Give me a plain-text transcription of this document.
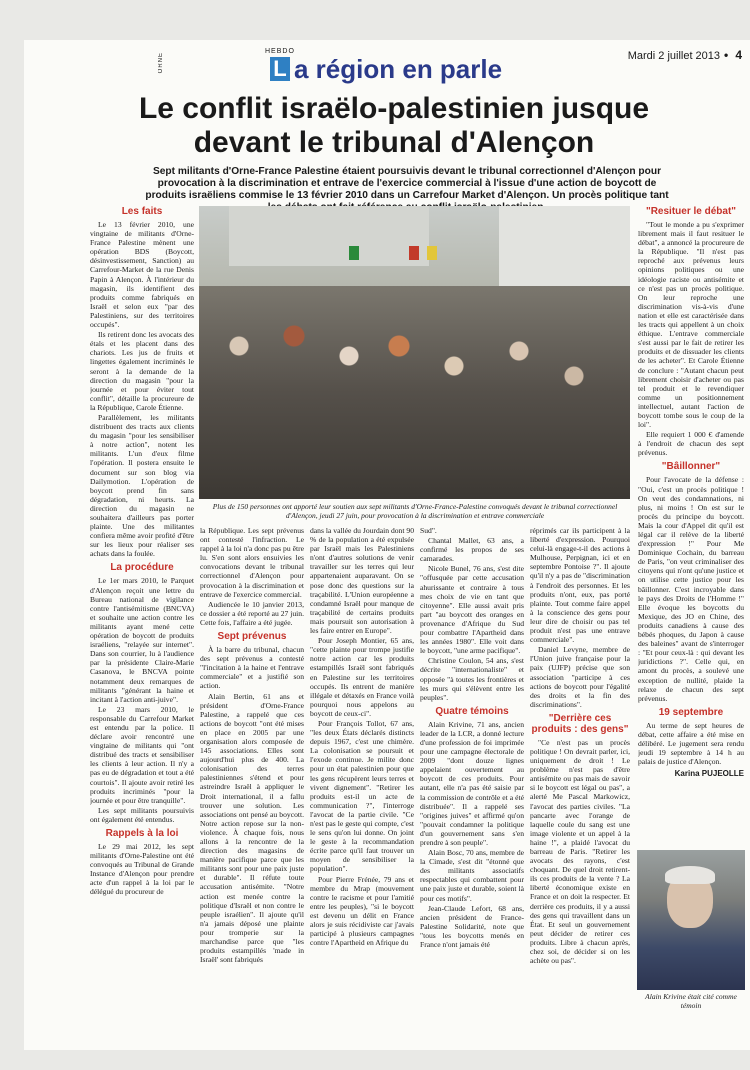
Mardi 2 juillet 2013 • 4
ORNE
HEBDO
L a région en parle
Le conflit israëlo-palestinien jusque devant le tribunal d'Alençon

Sept militants d'Orne-France Palestine étaient poursuivis devant le tribunal correctionnel d'Alençon pour provocation à la discrimination et entrave de l'exercice commercial à l'issue d'une action de boycott de produits israëliens commise le 13 février 2010 dans un Carrefour Market d'Alençon. Un procès politique tant

Les faits

Le 13 février 2010, une vingtaine de militants d'Orne-France Palestine mènent une opération BDS (Boycott, désinvestissement, Sanction) au Carrefour-Market de la rue Denis Papin à Alençon. À l'intérieur du magasin, ils identifient des produits comme fabriqués en Israël et selon eux "par des Palestiniens, sur des territoires occupés".

Ils retirent donc les avocats des étals et les placent dans des chariots. Les jus de fruits et lingettes également incriminés le seront à la demande de la direction du magasin "pour la journée et pour éviter tout conflit", détaille la procureure de la République, Carole Étienne.

Parallèlement, les militants distribuent des tracts aux clients du magasin "pour les sensibiliser à notre action", notent les militants. L'un d'eux filme l'opération. Il postera ensuite le document sur son blog via Dailymotion. L'opération de boycott prend fin sans dégradation, ni heurts. La direction du magasin ne souhaitera d'ailleurs pas porter plainte. Une des militantes confiera même avoir profité d'être sur les lieux pour réaliser ses achats dans la foulée.

La procédure

Le 1er mars 2010, le Parquet d'Alençon reçoit une lettre du Bureau national de vigilance contre l'antisémitisme (BNCVA) et souhaite une action contre les militants ayant mené cette opération de boycott de produits israéliens, "relayée sur internet". Dans son courrier, lu à l'audience par la présidente Claire-Marie Casanova, le BNCVA pointe notamment deux remarques de militants "générant la haine et incitant à l'action anti-juive".

Le 23 mars 2010, le responsable du Carrefour Market est entendu par la police. Il déclare avoir rencontré une vingtaine de militants qui "ont distribué des tracts et sensibiliser les clients à leur action. Il n'y a pas eu de dégradation et tout a été courtois". Il ajoute avoir retiré les produits incriminés "pour la journée et pour être tranquille".

Les sept militants poursuivis ont également été entendus.

Rappels à la loi

Le 29 mai 2012, les sept militants d'Orne-Palestine ont été convoqués au Tribunal de Grande Instance d'Alençon pour prendre acte d'un rappel à la loi par le délégué du procureur de

Plus de 150 personnes ont apporté leur soutien aux sept militants d'Orne-France-Palestine convoqués devant le tribunal correctionnel d'Alençon, jeudi 27 juin, pour provocation à la discrimination et entrave commerciale

la République. Les sept prévenus ont contesté l'infraction. Le rappel à la loi n'a donc pas pu être lu. S'en sont alors ensuivies les convocations devant le tribunal correctionnel d'Alençon pour provocation à la discrimination et entrave de l'exercice commercial.

Audiencée le 10 janvier 2013, ce dossier a été reporté au 27 juin. Cette fois, l'affaire a été jugée.

Sept prévenus

À la barre du tribunal, chacun des sept prévenus a contesté "l'incitation à la haine et l'entrave commerciale" et a justifié son action.

Alain Bertin, 61 ans et président d'Orne-France Palestine, a rappelé que ces actions de boycott "ont été mises en place en 2005 par une organisation alors composée de 145 associations. Elles sont aujourd'hui plus de 400. La colonisation des terres palestiniennes s'étend et pour astreindre Israël à appliquer le Droit international, il a fallu trouver une solution. Les associations ont pensé au boycott. Notre action repose sur la non-violence. À chaque fois, nous allons à la rencontre de la direction des magasins de manière pacifique parce que les militants sont pour une paix juste et durable". Il réfute toute accusation antisémite. "Notre action est menée contre la politique d'Israël et non contre le peuple israélien". Il ajoute qu'il n'a jamais déposé une plainte pour tromperie sur la marchandise parce que "les produits estampillés 'made in Israël' sont fabriqués

dans la vallée du Jourdain dont 90 % de la population a été expulsée par Israël mais les Palestiniens n'ont d'autres solutions de venir travailler sur les terres qui leur appartenaient auparavant. On se pose donc des questions sur la traçabilité. L'Union européenne a condamné Israël pour manque de traçabilité de certains produits mais poursuit son autorisation à les faire entrer en Europe".

Pour Joseph Montier, 65 ans, "cette plainte pour trompe justifie notre action car les produits estampillés Israël sont fabriqués en Palestine sur les territoires occupés. Ils entrent de manière illégale et détaxés en France voilà pourquoi nous appelons au boycott de ceux-ci".

Pour François Tollot, 67 ans, "les deux États déclarés distincts depuis 1967, c'est une chimère. La colonisation se poursuit et l'exode continue. Je milite donc pour un état palestinien pour que les gens récupèrent leurs terres et vivent dignement". "Retirer les produits est-il un acte de communication ?", l'interroge l'avocat de la partie civile. "Ce n'est pas le geste qui compte, c'est le sens qu'on lui donne. On joint le geste à la recommandation écrite parce qu'il faut trouver un moyen de sensibiliser la population".

Pour Pierre Frénée, 79 ans et membre du Mrap (mouvement contre le racisme et pour l'amitié entre les peuples), "si le boycott est devenu un délit en France alors je suis récidiviste car j'avais participé à plusieurs campagnes contre l'Apartheid en Afrique du

Sud".

Chantal Mallet, 63 ans, a confirmé les propos de ses camarades.

Nicole Bunel, 76 ans, s'est dite "offusquée par cette accusation ahurissante et contraire à tous mes choix de vie en tant que citoyenne". Elle aussi avait pris part "au boycott des oranges en provenance d'Afrique du Sud pour combattre l'Apartheid dans les années 1980". Elle voit dans le boycott, "une arme pacifique".

Christine Coulon, 54 ans, s'est décrite "internationaliste" et opposée "à toutes les frontières et les murs qui s'élèvent entre les peuples".

Quatre témoins

Alain Krivine, 71 ans, ancien leader de la LCR, a donné lecture d'une profession de foi imprimée pour une campagne électorale de 2009 "dont douze lignes appelaient ouvertement au boycott de ces produits. Pour autant, elle n'a pas été saisie par la commission de contrôle et a été distribuée". Il a rappelé ses "origines juives" et affirmé qu'on "pouvait condamner la politique d'un gouvernement sans s'en prendre à son peuple".

Alain Bosc, 70 ans, membre de la Cimade, s'est dit "étonné que des militants associatifs respectables qui combattent pour une paix juste et durable, soient là pour ces motifs".

Jean-Claude Lefort, 68 ans, ancien président de France-Palestine Solidarité, note que "tous les boycotts menés en France n'ont jamais été

réprimés car ils participent à la liberté d'expression. Pourquoi celui-là engage-t-il des actions à Mulhouse, Perpignan, ici et en septembre Pontoise ?". Il ajoute qu'il n'y a pas de "discrimination à l'endroit des personnes. Et les produits n'ont, eux, pas porté plainte. Tout comme faire appel à la conscience des gens pour leur dire de choisir ou pas tel produit n'est pas une entrave commerciale".

Daniel Levyne, membre de l'Union juive française pour la paix (UJFP) précise que son association "participe à ces actions de boycott pour l'égalité des droits et la fin des discriminations".

"Derrière ces produits : des gens"

"Ce n'est pas un procès politique ! On devrait parler, ici, uniquement de droit ! Le problème n'est pas d'être antisémite ou pas mais de savoir si le boycott est légal ou pas", a alerté Me Pascal Markowicz, l'avocat des parties civiles. "La pancarte avec l'orange de laquelle coule du sang est une image violente et un appel à la haine !", a plaidé l'avocat du barreau de Paris. "Retirer les avocats des rayons, c'est choquant. De quel droit retirent-ils ces produits de la vente ? La liberté économique existe en France et on doit la respecter. Et derrière ces produits, il y a aussi des gens qui travaillent dans un État. Et seul un gouvernement peut décider de retirer ces produits. Libre à chacun après, chez soi, de décider si on les achète ou pas".

"Resituer le débat"

"Tout le monde a pu s'exprimer librement mais il faut resituer le débat", a annoncé la procureure de la République. "Il n'est pas reproché aux prévenus leurs opinions politiques ou une idéologie raciste ou antisémite et ce n'est pas un procès politique. On leur reproche une discrimination vis-à-vis d'une nation et elle est caractérisée dans les tracts qui appellent à un choix éthique. L'entrave commerciale s'est aussi par le fait de retirer les produits et de dissuader les clients de les acheter". Et Carole Étienne de conclure : "Autant chacun peut librement choisir d'acheter ou pas tel produit et le revendiquer comme un positionnement intellectuel, autant l'action de boycott tombe sous le coup de la loi".

Elle requiert 1 000 € d'amende à l'endroit de chacun des sept prévenus.

"Bâillonner"

Pour l'avocate de la défense : "Oui, c'est un procès politique ! On veut des condamnations, ni plus, ni moins ! On est sur le procès du principe du boycott. Mais la cour d'Appel dit qu'il est légal car il relève de la liberté d'expression !" Pour Me Dominique Cochain, du barreau de Paris, "on veut criminaliser des citoyens qui n'ont qu'une justice et on utilise cette justice pour les bâillonner. C'est incroyable dans le pays des Droits de l'Homme !" Elle évoque les boycotts du Mexique, des JO en Chine, des produits canadiens à cause des bébés phoques, du Japon à cause des baleines" avant de s'interroger : "Et pour ceux-là : qui devant les juridictions ?". Celle qui, en amont du procès, a soulevé une exception de nullité, plaide la relaxe de chacun des sept prévenus.

19 septembre

Au terme de sept heures de débat, cette affaire a été mise en délibéré. Le jugement sera rendu jeudi 19 septembre à 14 h au palais de justice d'Alençon.

Karina PUJEOLLE

Alain Krivine était cité comme témoin
